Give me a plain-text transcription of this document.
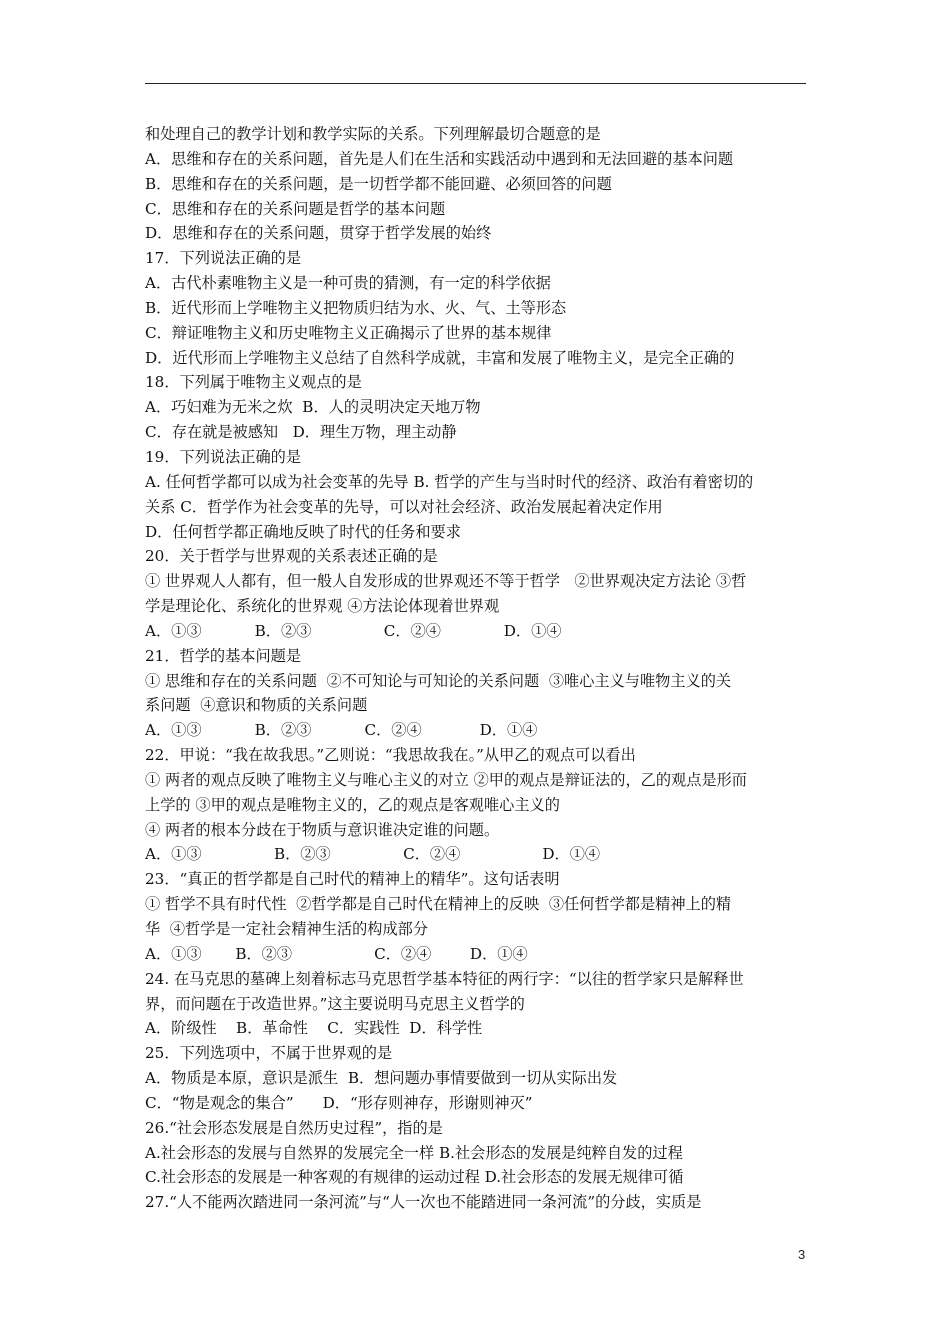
和处理自己的教学计划和教学实际的关系。下列理解最切合题意的是
A．思维和存在的关系问题，首先是人们在生活和实践活动中遇到和无法回避的基本问题
B．思维和存在的关系问题，是一切哲学都不能回避、必须回答的问题
C．思维和存在的关系问题是哲学的基本问题
D．思维和存在的关系问题，贯穿于哲学发展的始终
17．下列说法正确的是
A．古代朴素唯物主义是一种可贵的猜测，有一定的科学依据
B．近代形而上学唯物主义把物质归结为水、火、气、土等形态
C．辩证唯物主义和历史唯物主义正确揭示了世界的基本规律
D．近代形而上学唯物主义总结了自然科学成就，丰富和发展了唯物主义，是完全正确的
18．下列属于唯物主义观点的是
A．巧妇难为无米之炊  B．人的灵明决定天地万物
C．存在就是被感知   D．理生万物，理主动静
19．下列说法正确的是
A. 任何哲学都可以成为社会变革的先导 B. 哲学的产生与当时时代的经济、政治有着密切的
关系 C．哲学作为社会变革的先导，可以对社会经济、政治发展起着决定作用
D．任何哲学都正确地反映了时代的任务和要求
20．关于哲学与世界观的关系表述正确的是
① 世界观人人都有，但一般人自发形成的世界观还不等于哲学   ②世界观决定方法论 ③哲
学是理论化、系统化的世界观 ④方法论体现着世界观
A．①③           B．②③               C．②④             D．①④
21．哲学的基本问题是
① 思维和存在的关系问题  ②不可知论与可知论的关系问题  ③唯心主义与唯物主义的关
系问题  ④意识和物质的关系问题
A．①③           B．②③           C．②④            D．①④
22．甲说：“我在故我思。”乙则说：“我思故我在。”从甲乙的观点可以看出
① 两者的观点反映了唯物主义与唯心主义的对立 ②甲的观点是辩证法的，乙的观点是形而
上学的 ③甲的观点是唯物主义的，乙的观点是客观唯心主义的
④ 两者的根本分歧在于物质与意识谁决定谁的问题。
A．①③               B．②③               C．②④                 D．①④
23．“真正的哲学都是自己时代的精神上的精华”。这句话表明
① 哲学不具有时代性  ②哲学都是自己时代在精神上的反映  ③任何哲学都是精神上的精
华  ④哲学是一定社会精神生活的构成部分
A．①③       B．②③                 C．②④        D．①④
24. 在马克思的墓碑上刻着标志马克思哲学基本特征的两行字：“以往的哲学家只是解释世
界，而问题在于改造世界。”这主要说明马克思主义哲学的
A．阶级性    B．革命性    C．实践性  D．科学性
25．下列选项中，不属于世界观的是
A．物质是本原，意识是派生  B．想问题办事情要做到一切从实际出发
C．“物是观念的集合”      D．“形存则神存，形谢则神灭”
26.“社会形态发展是自然历史过程”，指的是
A.社会形态的发展与自然界的发展完全一样 B.社会形态的发展是纯粹自发的过程
C.社会形态的发展是一种客观的有规律的运动过程 D.社会形态的发展无规律可循
27.“人不能两次踏进同一条河流”与“人一次也不能踏进同一条河流”的分歧，实质是
3
